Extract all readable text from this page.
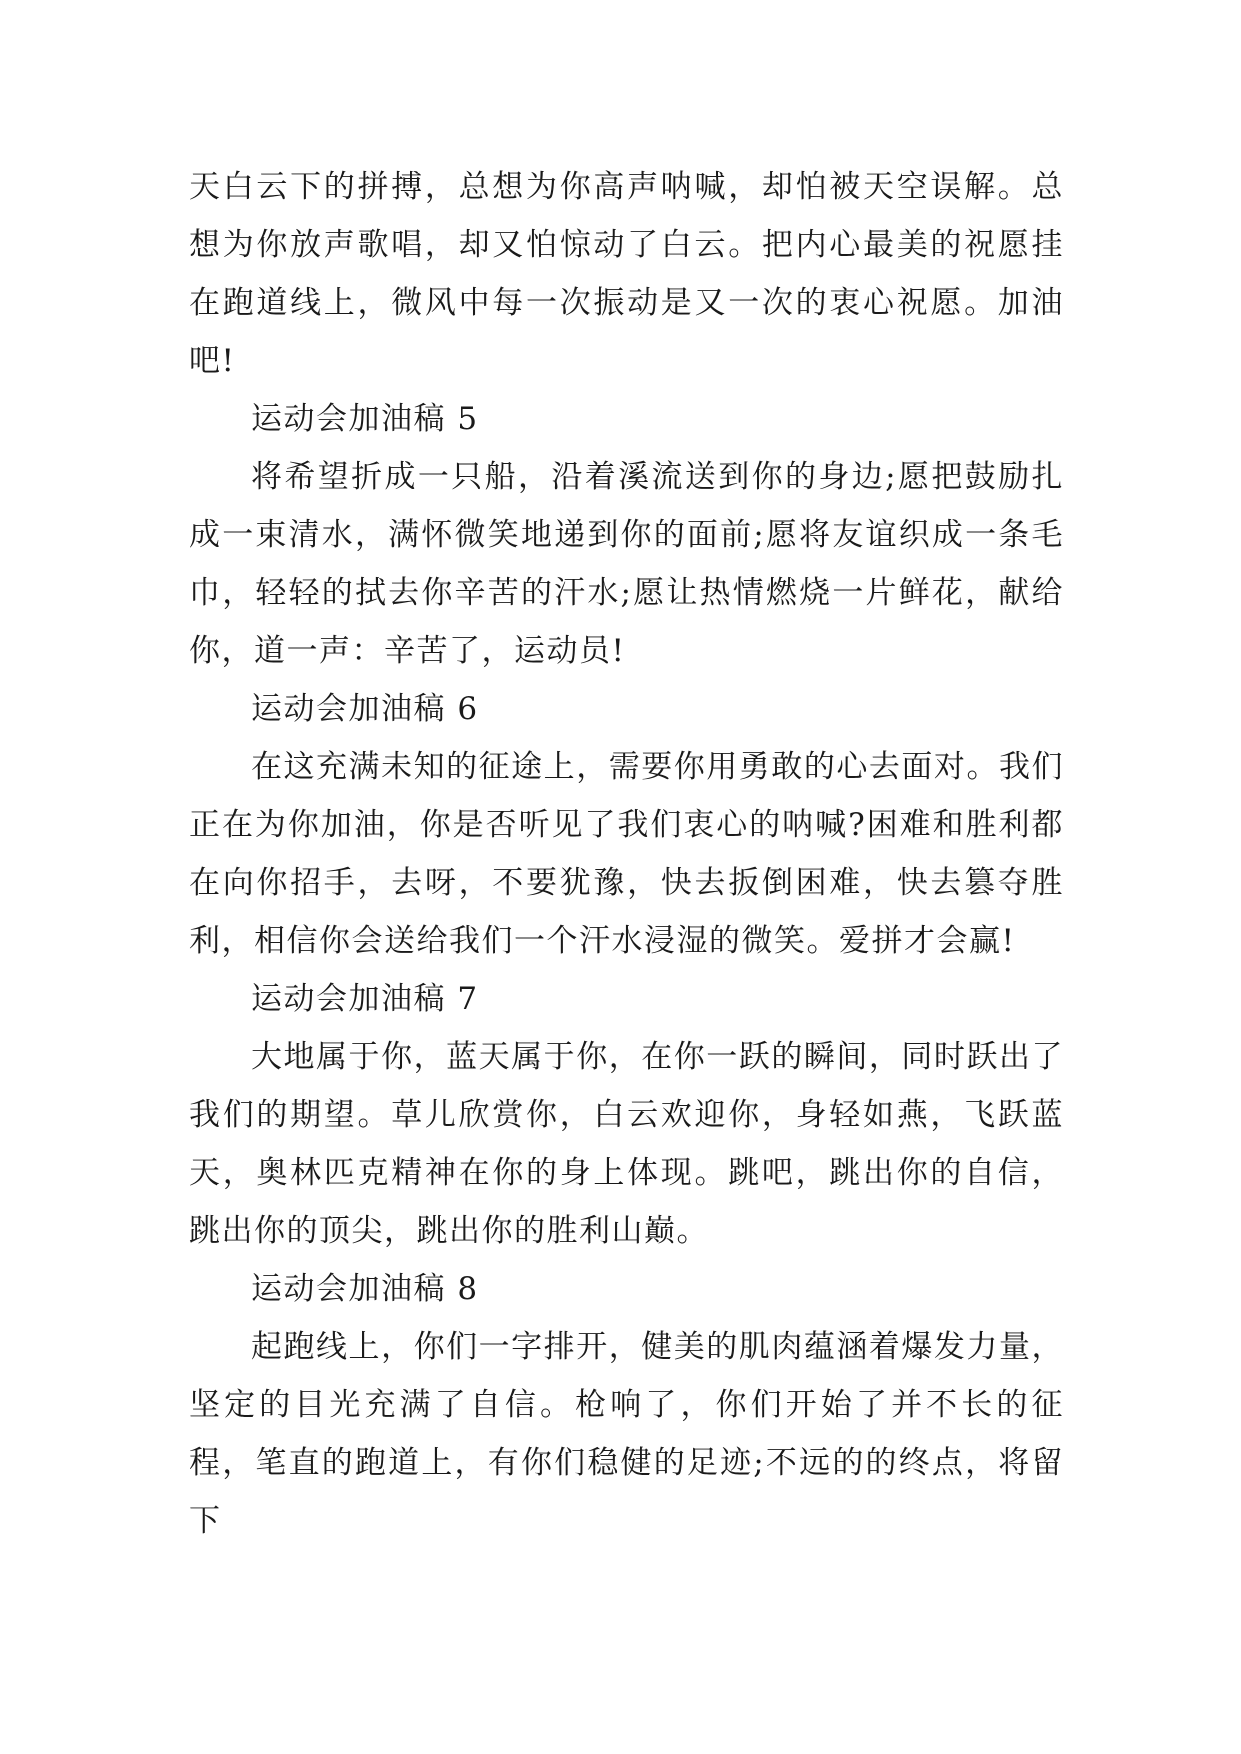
天白云下的拼搏，总想为你高声呐喊，却怕被天空误解。总想为你放声歌唱，却又怕惊动了白云。把内心最美的祝愿挂在跑道线上，微风中每一次振动是又一次的衷心祝愿。加油吧!

运动会加油稿 5

将希望折成一只船，沿着溪流送到你的身边;愿把鼓励扎成一束清水，满怀微笑地递到你的面前;愿将友谊织成一条毛巾，轻轻的拭去你辛苦的汗水;愿让热情燃烧一片鲜花，献给你，道一声：辛苦了，运动员!

运动会加油稿 6

在这充满未知的征途上，需要你用勇敢的心去面对。我们正在为你加油，你是否听见了我们衷心的呐喊?困难和胜利都在向你招手，去呀，不要犹豫，快去扳倒困难，快去篡夺胜利，相信你会送给我们一个汗水浸湿的微笑。爱拼才会赢!

运动会加油稿 7

大地属于你，蓝天属于你，在你一跃的瞬间，同时跃出了我们的期望。草儿欣赏你，白云欢迎你，身轻如燕，飞跃蓝天，奥林匹克精神在你的身上体现。跳吧，跳出你的自信，跳出你的顶尖，跳出你的胜利山巅。

运动会加油稿 8

起跑线上，你们一字排开，健美的肌肉蕴涵着爆发力量，坚定的目光充满了自信。枪响了，你们开始了并不长的征程，笔直的跑道上，有你们稳健的足迹;不远的的终点，将留下
